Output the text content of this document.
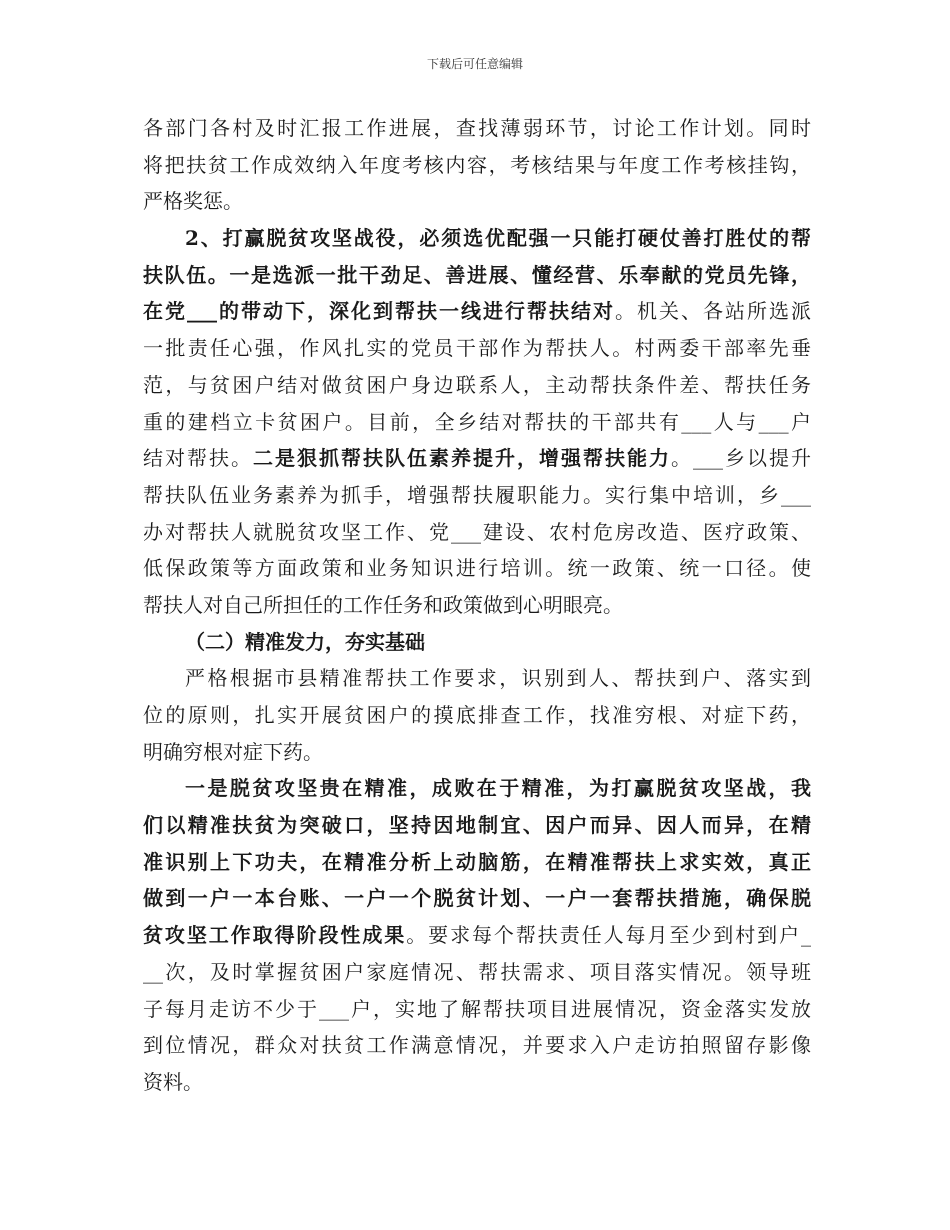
下载后可任意编辑
各部门各村及时汇报工作进展，查找薄弱环节，讨论工作计划。同时
将把扶贫工作成效纳入年度考核内容，考核结果与年度工作考核挂钩，
严格奖惩。
2、打赢脱贫攻坚战役，必须选优配强一只能打硬仗善打胜仗的帮
扶队伍。一是选派一批干劲足、善进展、懂经营、乐奉献的党员先锋，
在党___的带动下，深化到帮扶一线进行帮扶结对。机关、各站所选派
一批责任心强，作风扎实的党员干部作为帮扶人。村两委干部率先垂
范，与贫困户结对做贫困户身边联系人，主动帮扶条件差、帮扶任务
重的建档立卡贫困户。目前，全乡结对帮扶的干部共有___人与___户
结对帮扶。二是狠抓帮扶队伍素养提升，增强帮扶能力。___乡以提升
帮扶队伍业务素养为抓手，增强帮扶履职能力。实行集中培训，乡___
办对帮扶人就脱贫攻坚工作、党___建设、农村危房改造、医疗政策、
低保政策等方面政策和业务知识进行培训。统一政策、统一口径。使
帮扶人对自己所担任的工作任务和政策做到心明眼亮。
（二）精准发力，夯实基础
严格根据市县精准帮扶工作要求，识别到人、帮扶到户、落实到
位的原则，扎实开展贫困户的摸底排查工作，找准穷根、对症下药，
明确穷根对症下药。
一是脱贫攻坚贵在精准，成败在于精准，为打赢脱贫攻坚战，我
们以精准扶贫为突破口，坚持因地制宜、因户而异、因人而异，在精
准识别上下功夫，在精准分析上动脑筋，在精准帮扶上求实效，真正
做到一户一本台账、一户一个脱贫计划、一户一套帮扶措施，确保脱
贫攻坚工作取得阶段性成果。要求每个帮扶责任人每月至少到村到户_
__次，及时掌握贫困户家庭情况、帮扶需求、项目落实情况。领导班
子每月走访不少于___户，实地了解帮扶项目进展情况，资金落实发放
到位情况，群众对扶贫工作满意情况，并要求入户走访拍照留存影像
资料。
